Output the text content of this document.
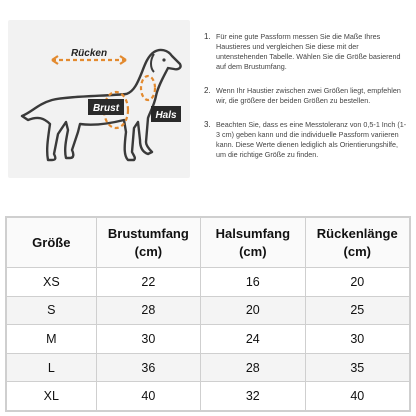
Rücken
Brust
Hals
1. Für eine gute Passform messen Sie die Maße Ihres Haustieres und vergleichen Sie diese mit der untenstehenden Tabelle. Wählen Sie die Größe basierend auf dem Brustumfang.
2. Wenn Ihr Haustier zwischen zwei Größen liegt, empfehlen wir, die größere der beiden Größen zu bestellen.
3. Beachten Sie, dass es eine Messtoleranz von 0,5-1 Inch (1-3 cm) geben kann und die individuelle Passform variieren kann. Diese Werte dienen lediglich als Orientierungshilfe, um die richtige Größe zu finden.
Größe	Brustumfang (cm)	Halsumfang (cm)	Rückenlänge (cm)
XS	22	16	20
S	28	20	25
M	30	24	30
L	36	28	35
XL	40	32	40
